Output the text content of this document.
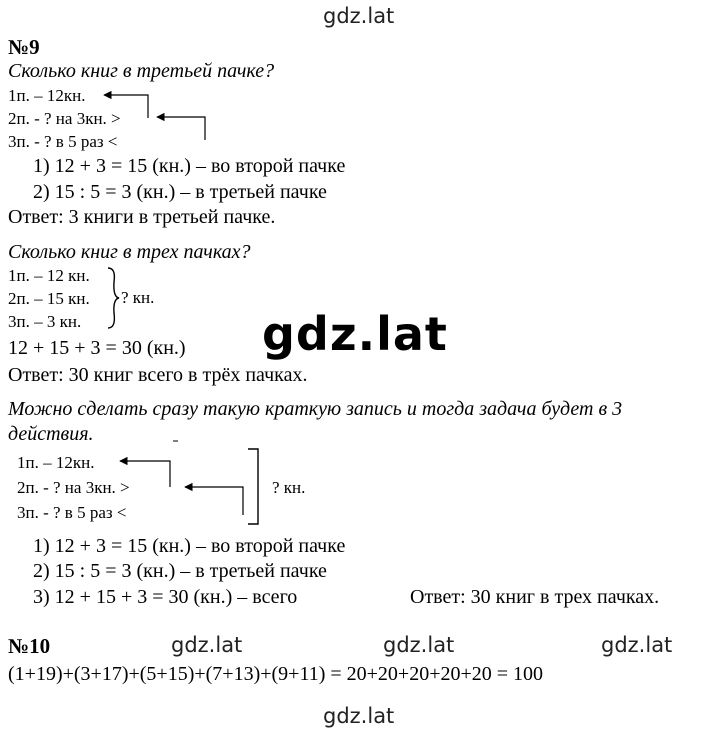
gdz.lat
gdz.lat
gdz.lat	gdz.lat	gdz.lat
gdz.lat
№9
Сколько книг в третьей пачке?
1п. – 12кн.
2п. - ? на 3кн. >
3п. - ? в 5 раз <
1) 12 + 3 = 15 (кн.) – во второй пачке
2) 15 : 5 = 3 (кн.) – в третьей пачке
Ответ: 3 книги в третьей пачке.
Сколько книг в трех пачках?
1п. – 12 кн.
2п. – 15 кн.
3п. – 3 кн.
? кн.
12 + 15 + 3 = 30 (кн.)
Ответ: 30 книг всего в трёх пачках.
Можно сделать сразу такую краткую запись и тогда задача будет в 3
действия.
1п. – 12кн.
2п. - ? на 3кн. >
3п. - ? в 5 раз <
? кн.
1) 12 + 3 = 15 (кн.) – во второй пачке
2) 15 : 5 = 3 (кн.) – в третьей пачке
3) 12 + 15 + 3 = 30 (кн.) – всего	Ответ: 30 книг в трех пачках.
№10
(1+19)+(3+17)+(5+15)+(7+13)+(9+11) = 20+20+20+20+20 = 100
